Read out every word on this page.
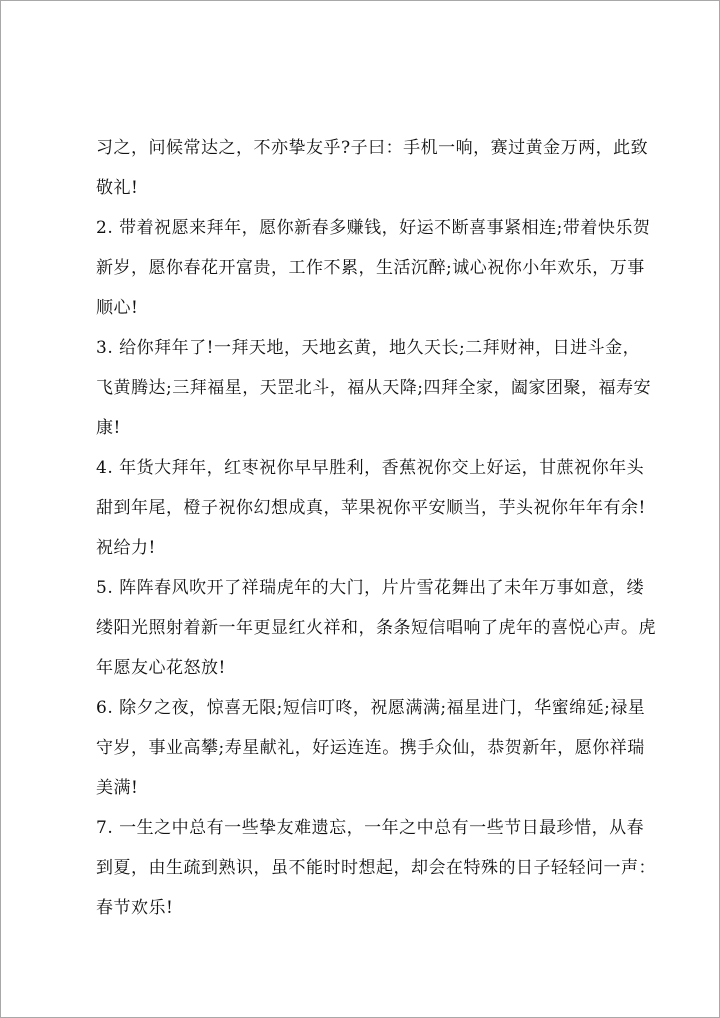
习之，问候常达之，不亦挚友乎?子曰：手机一响，赛过黄金万两，此致
敬礼!
2. 带着祝愿来拜年，愿你新春多赚钱，好运不断喜事紧相连;带着快乐贺
新岁，愿你春花开富贵，工作不累，生活沉醉;诚心祝你小年欢乐，万事
顺心!
3. 给你拜年了!一拜天地，天地玄黄，地久天长;二拜财神，日进斗金，
飞黄腾达;三拜福星，天罡北斗，福从天降;四拜全家，阖家团聚，福寿安
康!
4. 年货大拜年，红枣祝你早早胜利，香蕉祝你交上好运，甘蔗祝你年头
甜到年尾，橙子祝你幻想成真，苹果祝你平安顺当，芋头祝你年年有余!
祝给力!
5. 阵阵春风吹开了祥瑞虎年的大门，片片雪花舞出了未年万事如意，缕
缕阳光照射着新一年更显红火祥和，条条短信唱响了虎年的喜悦心声。虎
年愿友心花怒放!
6. 除夕之夜，惊喜无限;短信叮咚，祝愿满满;福星进门，华蜜绵延;禄星
守岁，事业高攀;寿星献礼，好运连连。携手众仙，恭贺新年，愿你祥瑞
美满!
7. 一生之中总有一些挚友难遗忘，一年之中总有一些节日最珍惜，从春
到夏，由生疏到熟识，虽不能时时想起，却会在特殊的日子轻轻问一声：
春节欢乐!
